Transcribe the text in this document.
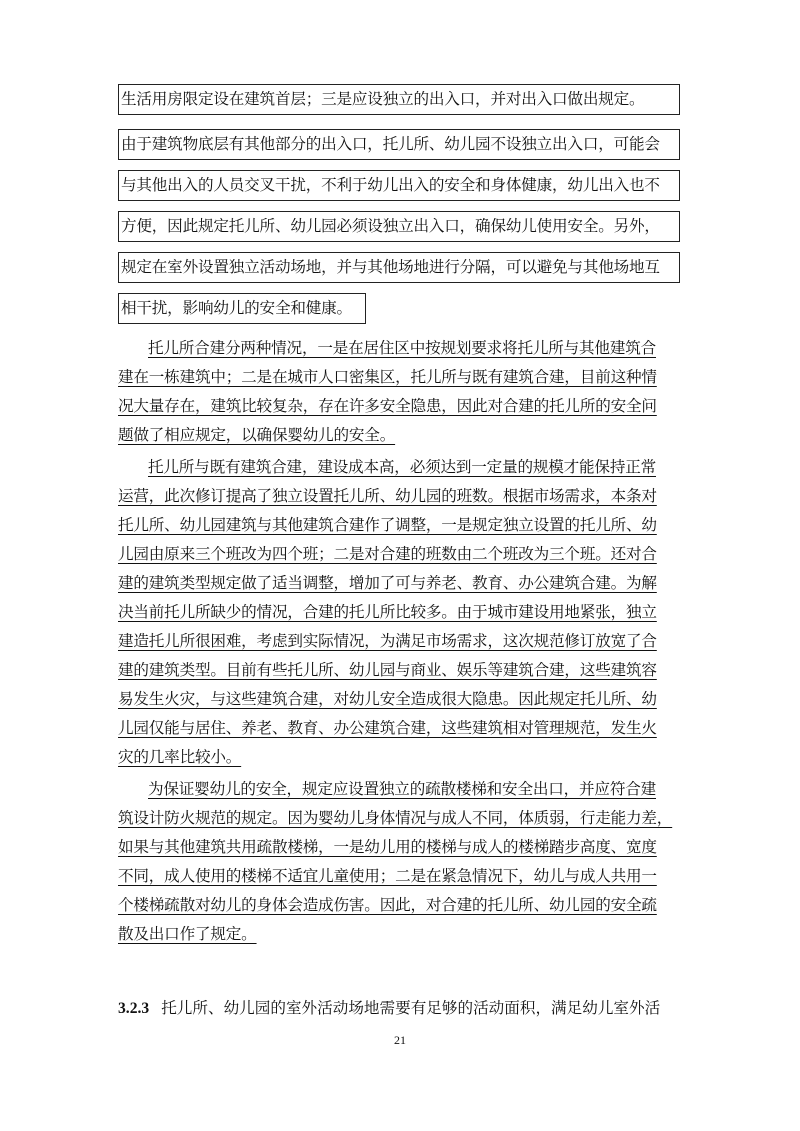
生活用房限定设在建筑首层；三是应设独立的出入口，并对出入口做出规定。
由于建筑物底层有其他部分的出入口，托儿所、幼儿园不设独立出入口，可能会
与其他出入的人员交叉干扰，不利于幼儿出入的安全和身体健康，幼儿出入也不
方便，因此规定托儿所、幼儿园必须设独立出入口，确保幼儿使用安全。另外，
规定在室外设置独立活动场地，并与其他场地进行分隔，可以避免与其他场地互
相干扰，影响幼儿的安全和健康。
托儿所合建分两种情况，一是在居住区中按规划要求将托儿所与其他建筑合
建在一栋建筑中；二是在城市人口密集区，托儿所与既有建筑合建，目前这种情
况大量存在，建筑比较复杂，存在许多安全隐患，因此对合建的托儿所的安全问
题做了相应规定，以确保婴幼儿的安全。
托儿所与既有建筑合建，建设成本高，必须达到一定量的规模才能保持正常
运营，此次修订提高了独立设置托儿所、幼儿园的班数。根据市场需求，本条对
托儿所、幼儿园建筑与其他建筑合建作了调整，一是规定独立设置的托儿所、幼
儿园由原来三个班改为四个班；二是对合建的班数由二个班改为三个班。还对合
建的建筑类型规定做了适当调整，增加了可与养老、教育、办公建筑合建。为解
决当前托儿所缺少的情况，合建的托儿所比较多。由于城市建设用地紧张，独立
建造托儿所很困难，考虑到实际情况，为满足市场需求，这次规范修订放宽了合
建的建筑类型。目前有些托儿所、幼儿园与商业、娱乐等建筑合建，这些建筑容
易发生火灾，与这些建筑合建，对幼儿安全造成很大隐患。因此规定托儿所、幼
儿园仅能与居住、养老、教育、办公建筑合建，这些建筑相对管理规范，发生火
灾的几率比较小。
为保证婴幼儿的安全，规定应设置独立的疏散楼梯和安全出口，并应符合建
筑设计防火规范的规定。因为婴幼儿身体情况与成人不同，体质弱，行走能力差，
如果与其他建筑共用疏散楼梯，一是幼儿用的楼梯与成人的楼梯踏步高度、宽度
不同，成人使用的楼梯不适宜儿童使用；二是在紧急情况下，幼儿与成人共用一
个楼梯疏散对幼儿的身体会造成伤害。因此，对合建的托儿所、幼儿园的安全疏
散及出口作了规定。
3.2.3 托儿所、幼儿园的室外活动场地需要有足够的活动面积，满足幼儿室外活
21
